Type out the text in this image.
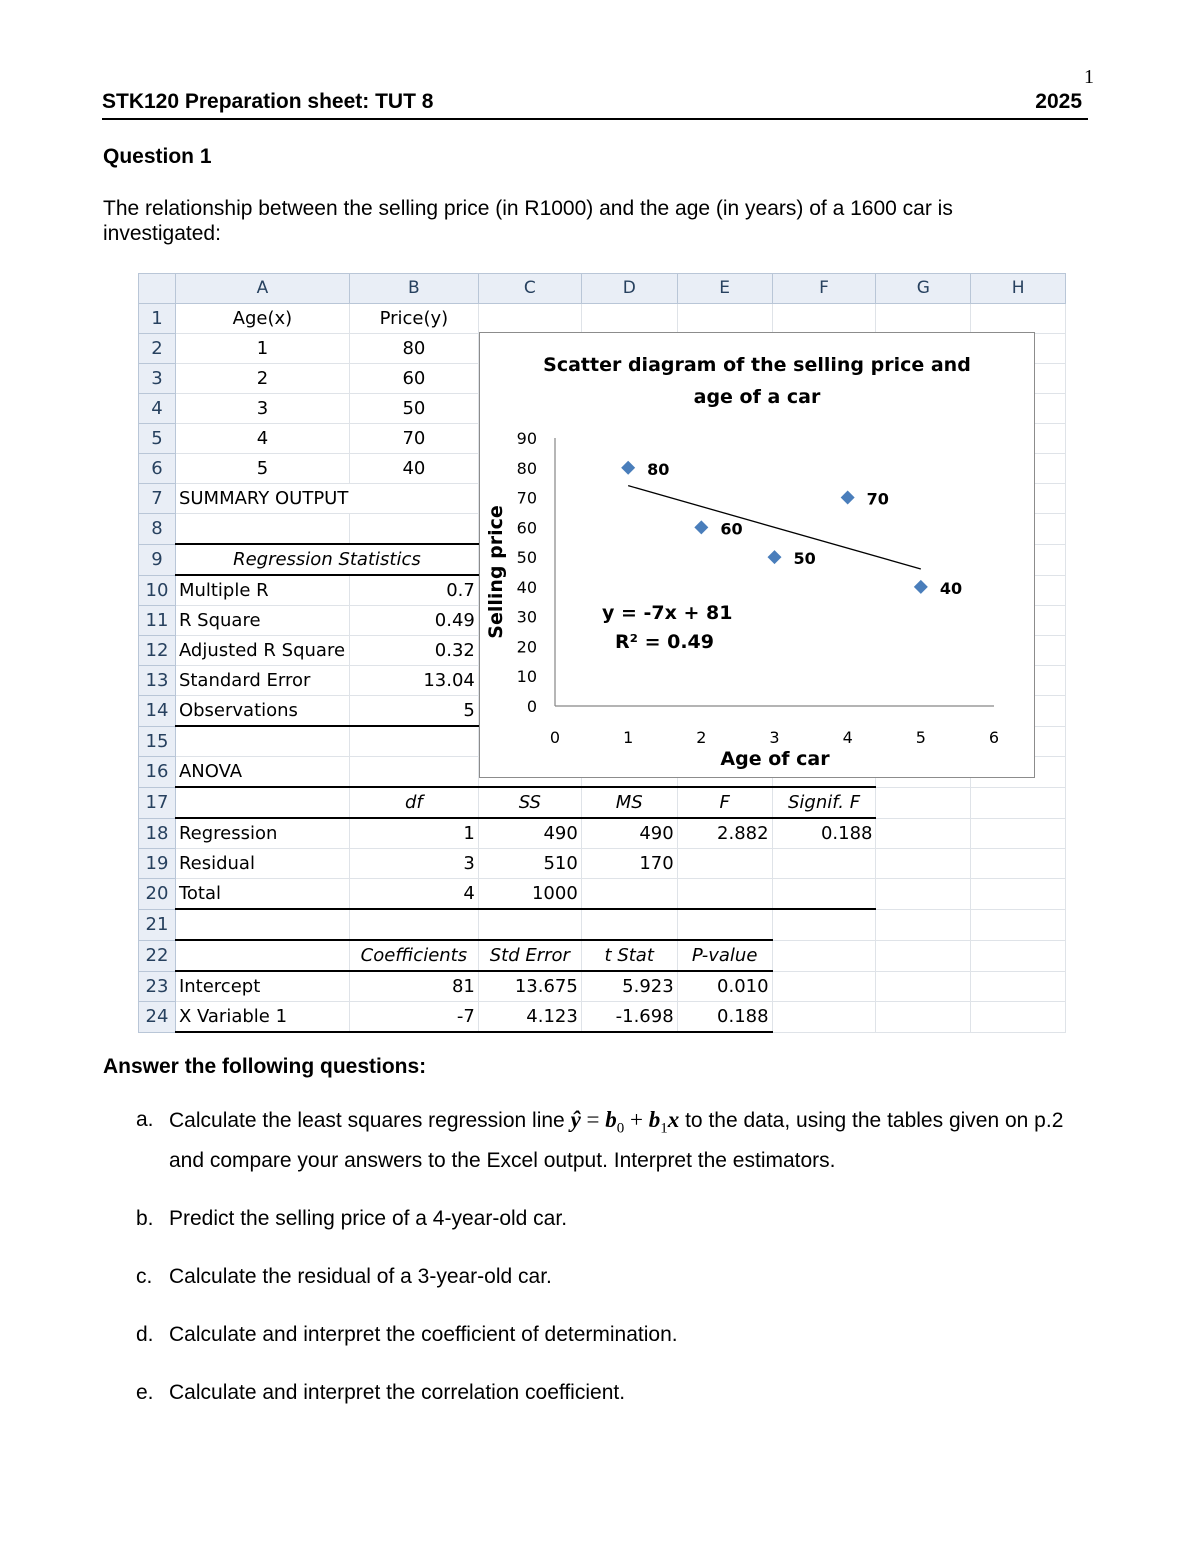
1
STK120 Preparation sheet: TUT 8	2025
Question 1
The relationship between the selling price (in R1000) and the age (in years) of a 1600 car is investigated:
	A	B	C	D	E	F	G	H
1	Age(x)	Price(y)						
2	1	80						
3	2	60						
4	3	50						
5	4	70						
6	5	40						
7	SUMMARY OUTPUT							
8								
9	Regression Statistics							
10	Multiple R	0.7						
11	R Square	0.49						
12	Adjusted R Square	0.32						
13	Standard Error	13.04						
14	Observations	5						
15								
16	ANOVA							
17		df	SS	MS	F	Signif. F		
18	Regression	1	490	490	2.882	0.188		
19	Residual	3	510	170				
20	Total	4	1000					
21								
22		Coefficients	Std Error	t Stat	P-value			
23	Intercept	81	13.675	5.923	0.010			
24	X Variable 1	-7	4.123	-1.698	0.188			
Scatter diagram of the selling price and
age of a car
Age of car
Selling price	y = -7x + 81
R² = 0.49
0
10
20
30
40
50
60
70
80
90
0	1	2	3	4	5	6
80
60
50
70
40
Answer the following questions:
a. Calculate the least squares regression line ŷ = $b_0 + b_1x$ to the data, using the tables given on p.2 and compare your answers to the Excel output. Interpret the estimators.
b. Predict the selling price of a 4-year-old car.
c. Calculate the residual of a 3-year-old car.
d. Calculate and interpret the coefficient of determination.
e. Calculate and interpret the correlation coefficient.
